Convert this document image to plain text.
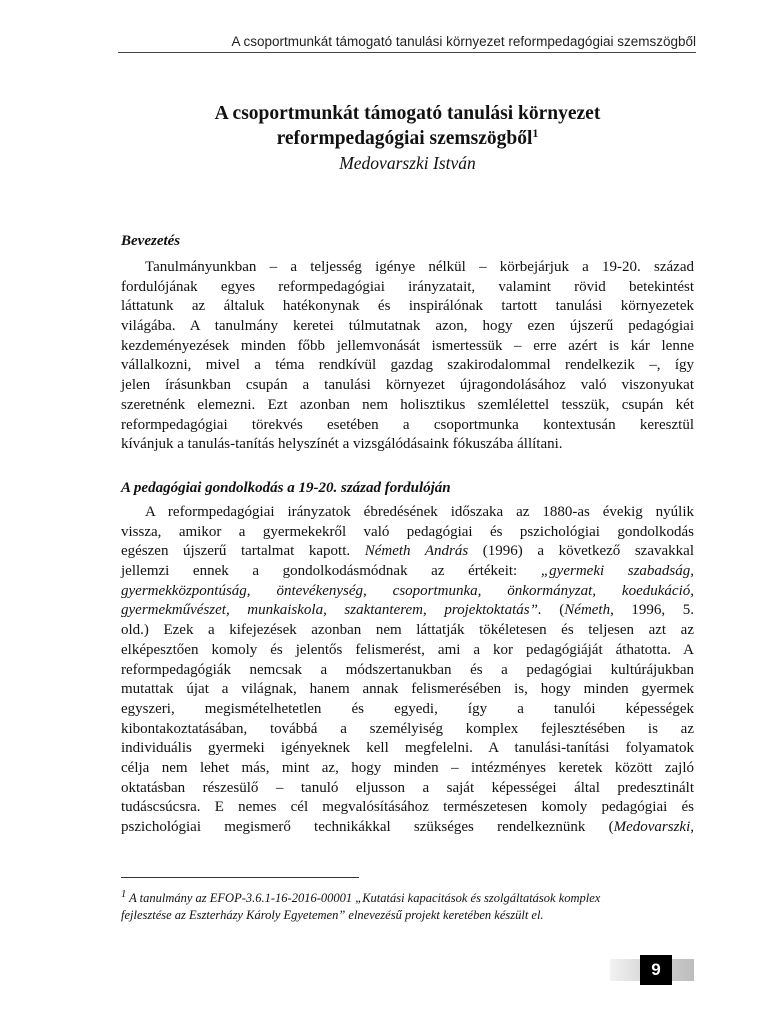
A csoportmunkát támogató tanulási környezet reformpedagógiai szemszögből
A csoportmunkát támogató tanulási környezet
reformpedagógiai szemszögből$^1$
Medovarszki István
Bevezetés
Tanulmányunkban – a teljesség igénye nélkül – körbejárjuk a 19-20. század
fordulójának egyes reformpedagógiai irányzatait, valamint rövid betekintést
láttatunk az általuk hatékonynak és inspirálónak tartott tanulási környezetek
világába. A tanulmány keretei túlmutatnak azon, hogy ezen újszerű pedagógiai
kezdeményezések minden főbb jellemvonását ismertessük – erre azért is kár lenne
vállalkozni, mivel a téma rendkívül gazdag szakirodalommal rendelkezik –, így
jelen írásunkban csupán a tanulási környezet újragondolásához való viszonyukat
szeretnénk elemezni. Ezt azonban nem holisztikus szemlélettel tesszük, csupán két
reformpedagógiai törekvés esetében a csoportmunka kontextusán keresztül
kívánjuk a tanulás-tanítás helyszínét a vizsgálódásaink fókuszába állítani.
A pedagógiai gondolkodás a 19-20. század fordulóján
A reformpedagógiai irányzatok ébredésének időszaka az 1880-as évekig nyúlik
vissza, amikor a gyermekekről való pedagógiai és pszichológiai gondolkodás
egészen újszerű tartalmat kapott. Németh András (1996) a következő szavakkal
jellemzi ennek a gondolkodásmódnak az értékeit: „gyermeki szabadság,
gyermekközpontúság, öntevékenység, csoportmunka, önkormányzat, koedukáció,
gyermekművészet, munkaiskola, szaktanterem, projektoktatás”. (Németh, 1996, 5.
old.) Ezek a kifejezések azonban nem láttatják tökéletesen és teljesen azt az
elképesztően komoly és jelentős felismerést, ami a kor pedagógiáját áthatotta. A
reformpedagógiák nemcsak a módszertanukban és a pedagógiai kultúrájukban
mutattak újat a világnak, hanem annak felismerésében is, hogy minden gyermek
egyszeri, megismételhetetlen és egyedi, így a tanulói képességek
kibontakoztatásában, továbbá a személyiség komplex fejlesztésében is az
individuális gyermeki igényeknek kell megfelelni. A tanulási-tanítási folyamatok
célja nem lehet más, mint az, hogy minden – intézményes keretek között zajló
oktatásban részesülő – tanuló eljusson a saját képességei által predesztinált
tudáscsúcsra. E nemes cél megvalósításához természetesen komoly pedagógiai és
pszichológiai megismerő technikákkal szükséges rendelkeznünk (Medovarszki,
$^1$ A tanulmány az EFOP-3.6.1-16-2016-00001 „Kutatási kapacitások és szolgáltatások komplex
fejlesztése az Eszterházy Károly Egyetemen” elnevezésű projekt keretében készült el.
9
